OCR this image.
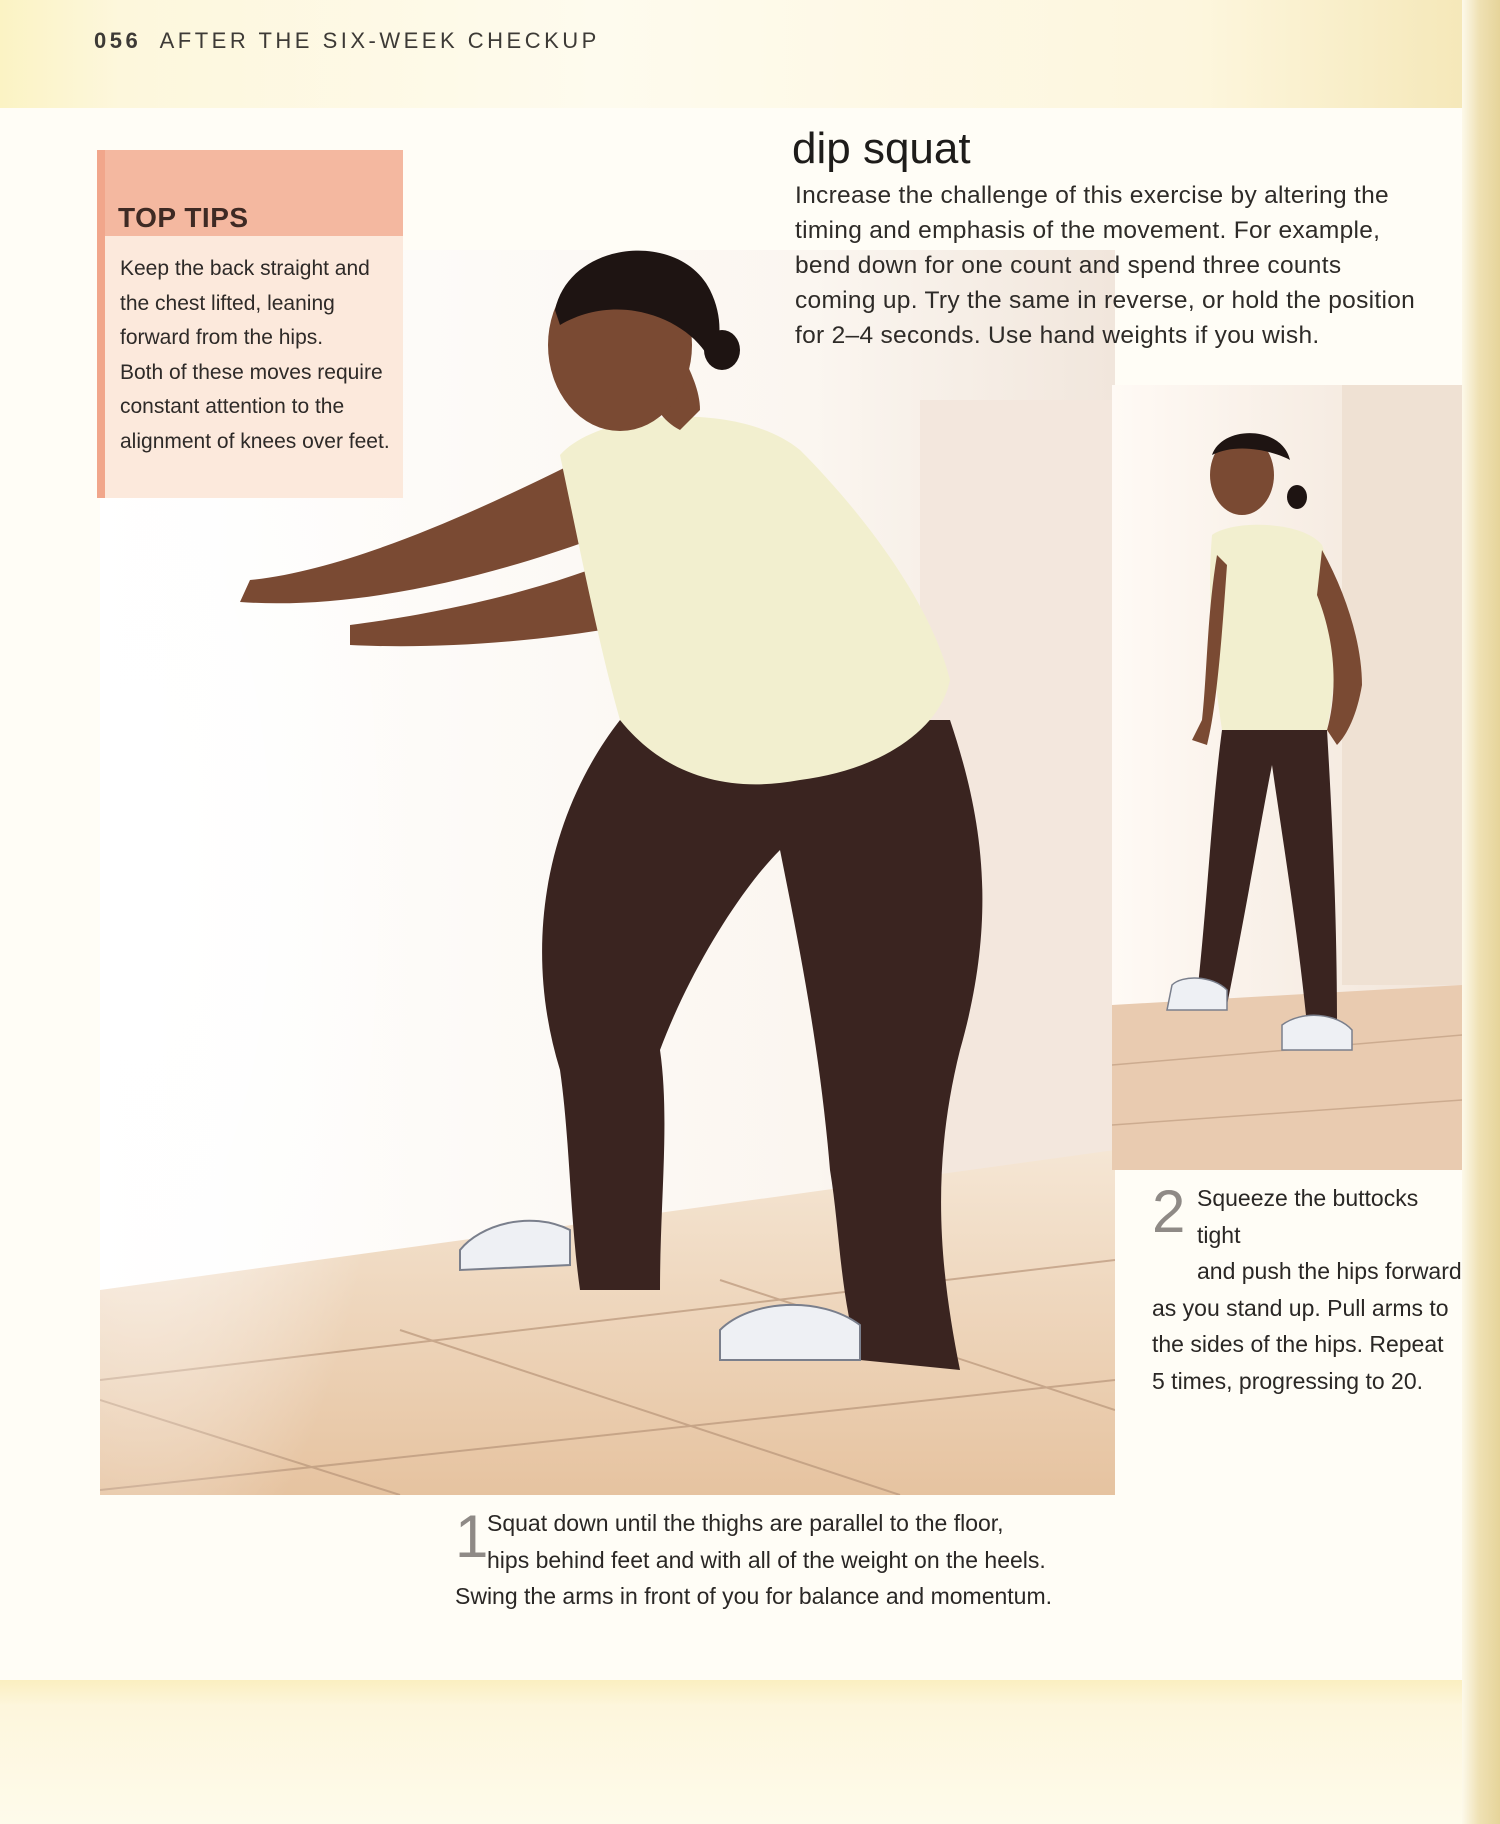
056 AFTER THE SIX-WEEK CHECKUP
TOP TIPS
Keep the back straight and
the chest lifted, leaning
forward from the hips.
Both of these moves require
constant attention to the
alignment of knees over feet.
dip squat
Increase the challenge of this exercise by altering the
timing and emphasis of the movement. For example,
bend down for one count and spend three counts
coming up. Try the same in reverse, or hold the position
for 2–4 seconds. Use hand weights if you wish.
1
Squat down until the thighs are parallel to the floor,
hips behind feet and with all of the weight on the heels.
Swing the arms in front of you for balance and momentum.
2 Squeeze the buttocks tight
and push the hips forward
as you stand up. Pull arms to
the sides of the hips. Repeat
5 times, progressing to 20.
